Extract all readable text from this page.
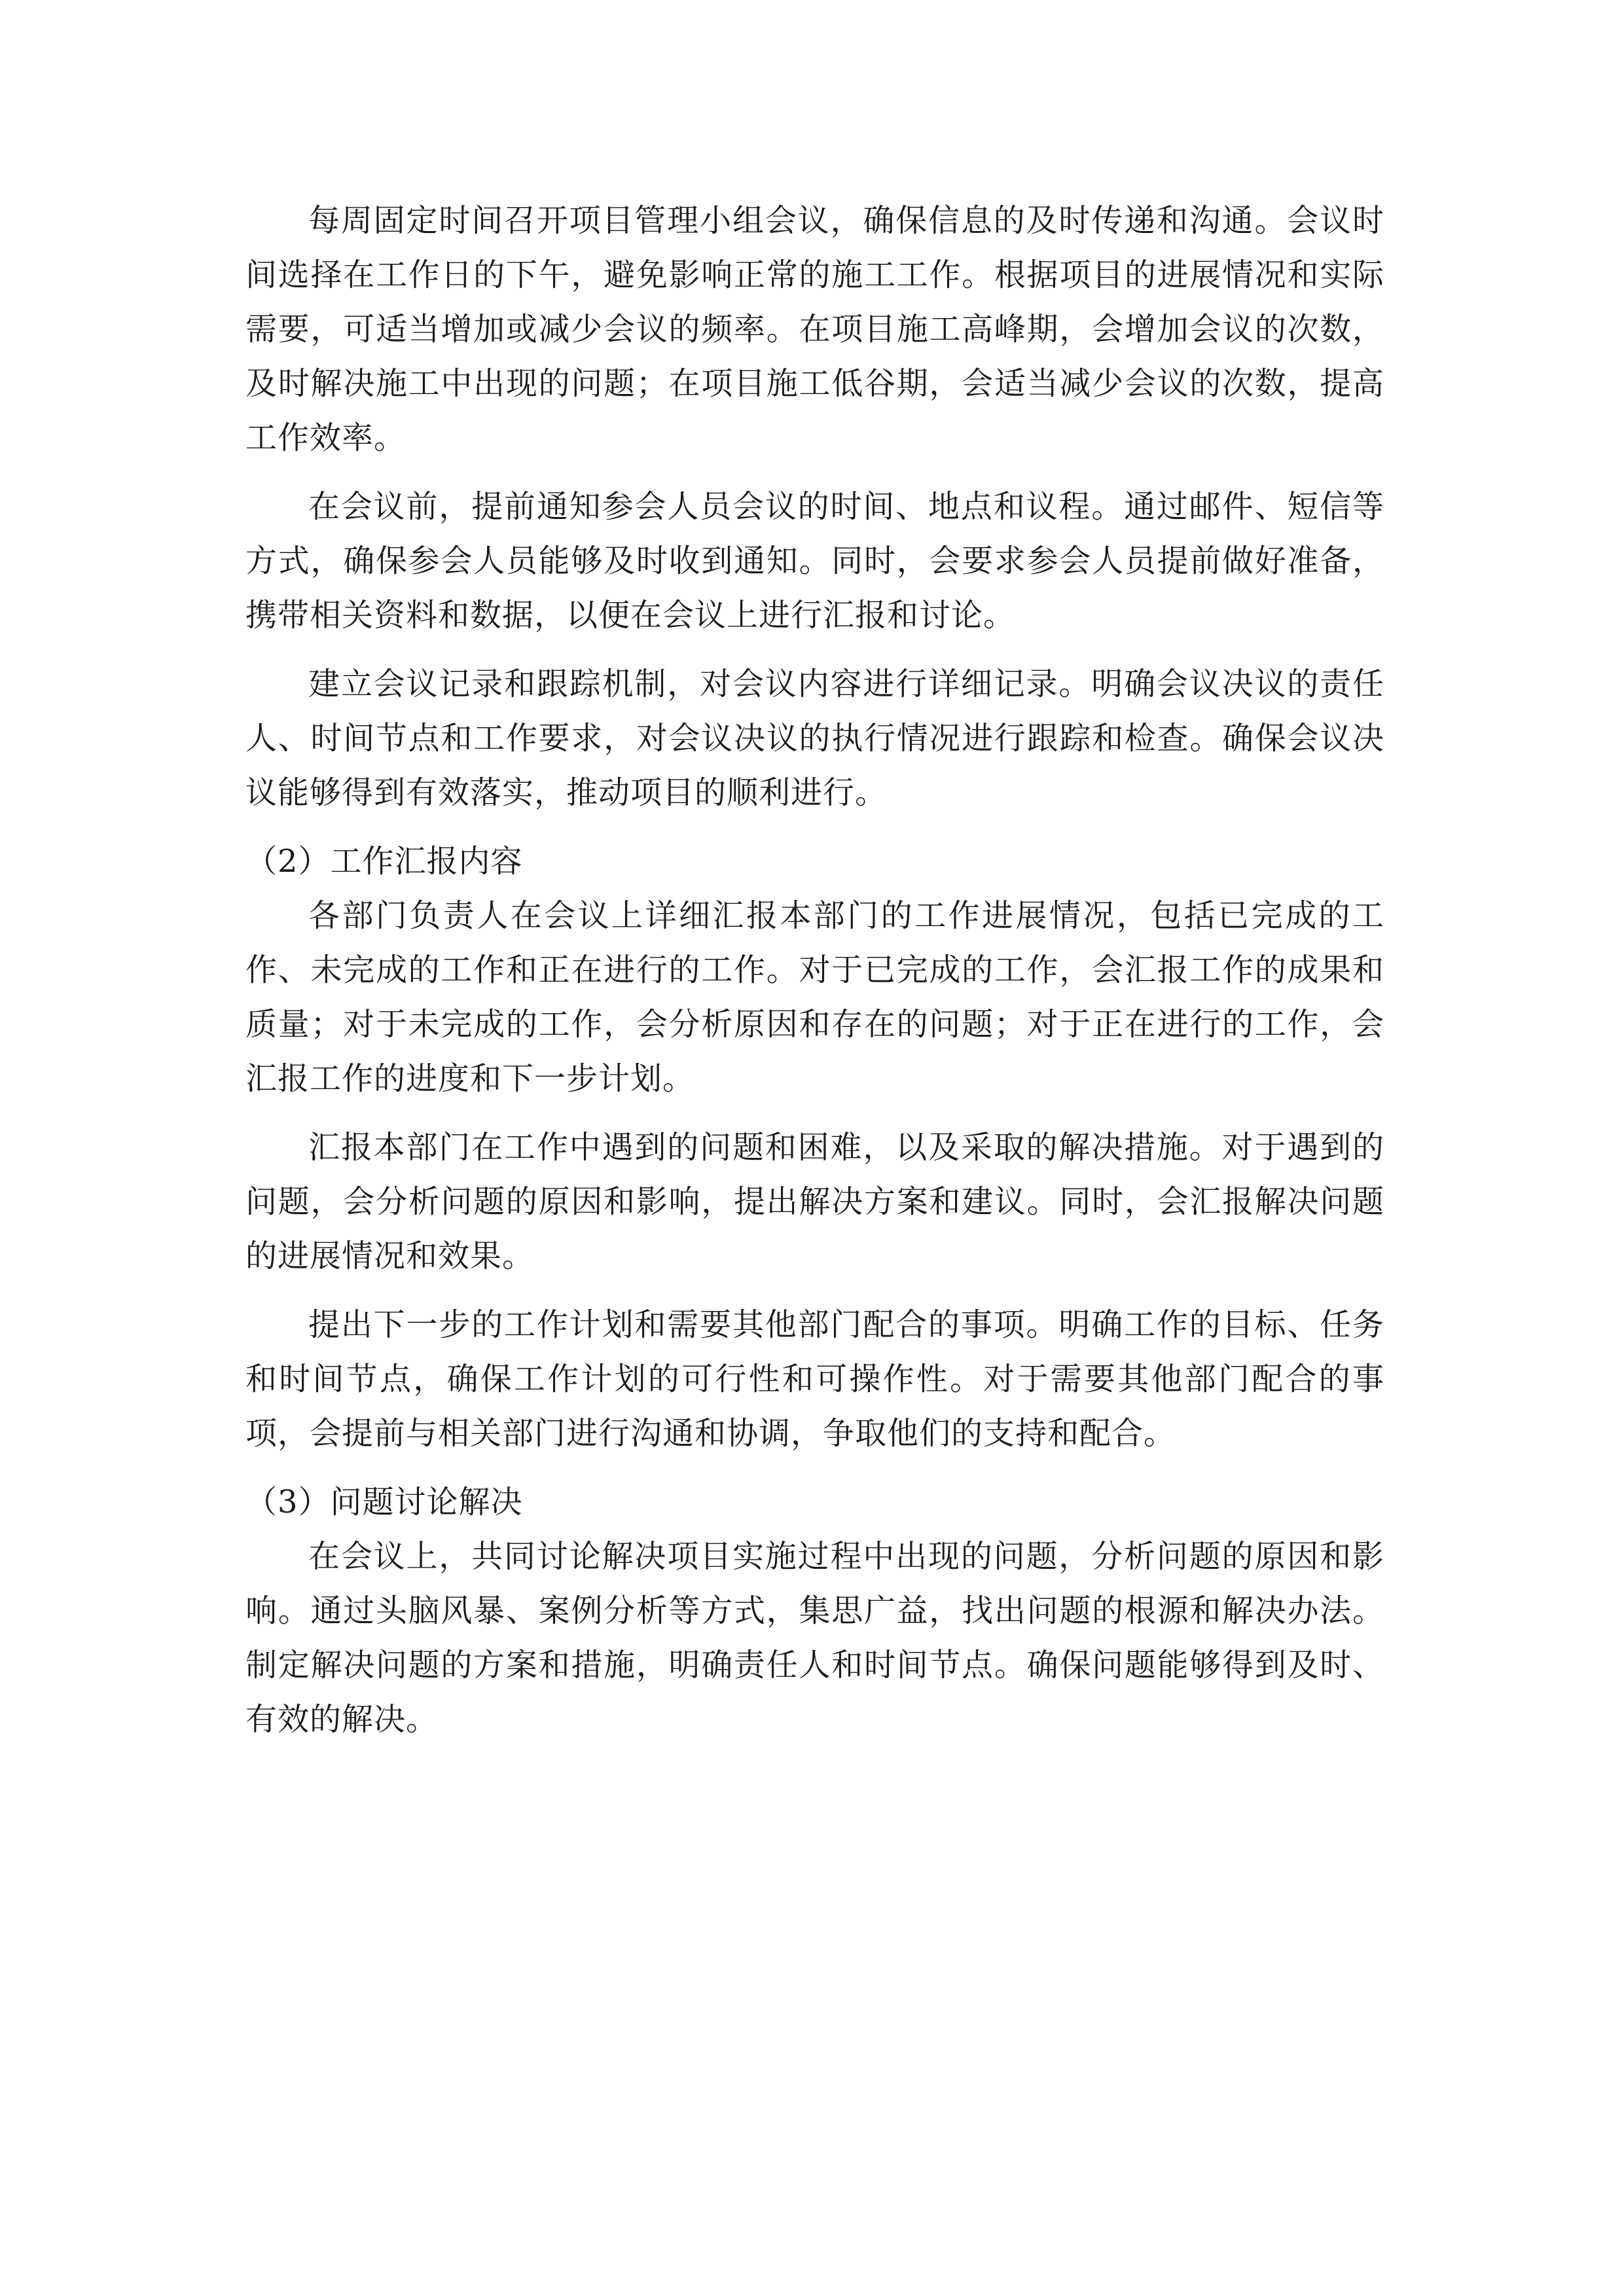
每周固定时间召开项目管理小组会议，确保信息的及时传递和沟通。会议时间选择在工作日的下午，避免影响正常的施工工作。根据项目的进展情况和实际需要，可适当增加或减少会议的频率。在项目施工高峰期，会增加会议的次数，及时解决施工中出现的问题；在项目施工低谷期，会适当减少会议的次数，提高工作效率。

在会议前，提前通知参会人员会议的时间、地点和议程。通过邮件、短信等方式，确保参会人员能够及时收到通知。同时，会要求参会人员提前做好准备，携带相关资料和数据，以便在会议上进行汇报和讨论。

建立会议记录和跟踪机制，对会议内容进行详细记录。明确会议决议的责任人、时间节点和工作要求，对会议决议的执行情况进行跟踪和检查。确保会议决议能够得到有效落实，推动项目的顺利进行。

（2）工作汇报内容

各部门负责人在会议上详细汇报本部门的工作进展情况，包括已完成的工作、未完成的工作和正在进行的工作。对于已完成的工作，会汇报工作的成果和质量；对于未完成的工作，会分析原因和存在的问题；对于正在进行的工作，会汇报工作的进度和下一步计划。

汇报本部门在工作中遇到的问题和困难，以及采取的解决措施。对于遇到的问题，会分析问题的原因和影响，提出解决方案和建议。同时，会汇报解决问题的进展情况和效果。

提出下一步的工作计划和需要其他部门配合的事项。明确工作的目标、任务和时间节点，确保工作计划的可行性和可操作性。对于需要其他部门配合的事项，会提前与相关部门进行沟通和协调，争取他们的支持和配合。

（3）问题讨论解决

在会议上，共同讨论解决项目实施过程中出现的问题，分析问题的原因和影响。通过头脑风暴、案例分析等方式，集思广益，找出问题的根源和解决办法。制定解决问题的方案和措施，明确责任人和时间节点。确保问题能够得到及时、有效的解决。
